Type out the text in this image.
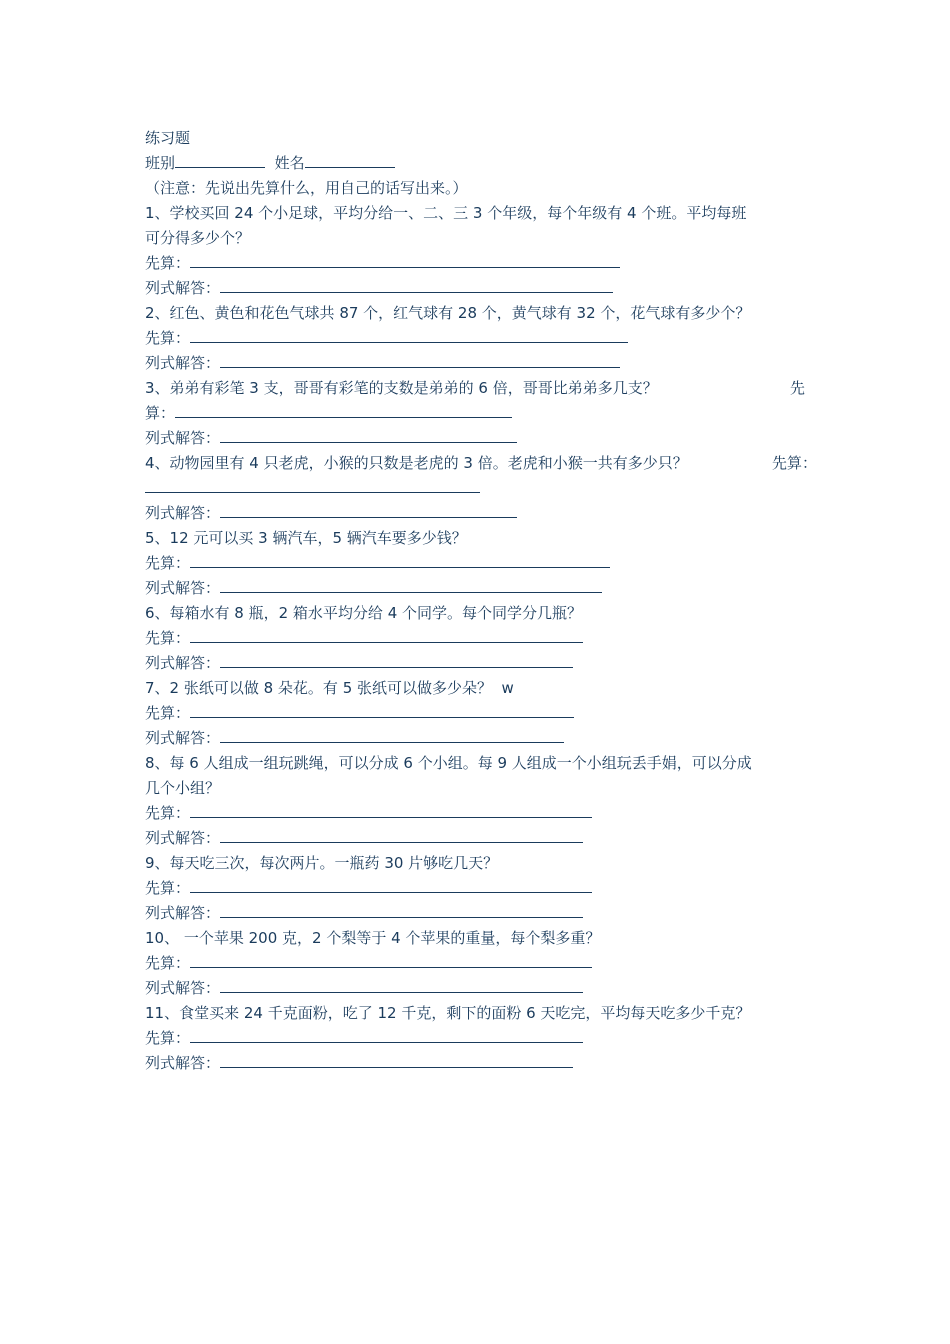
练习题
班别	姓名
（注意：先说出先算什么，用自己的话写出来。）
1、学校买回 24 个小足球，平均分给一、二、三 3 个年级，每个年级有 4 个班。平均每班
可分得多少个？
先算：
列式解答：
2、红色、黄色和花色气球共 87 个，红气球有 28 个，黄气球有 32 个，花气球有多少个？
先算：
列式解答：
3、弟弟有彩笔 3 支，哥哥有彩笔的支数是弟弟的 6 倍，哥哥比弟弟多几支？	先
算：
列式解答：
4、动物园里有 4 只老虎，小猴的只数是老虎的 3 倍。老虎和小猴一共有多少只？	先算：
列式解答：
5、12 元可以买 3 辆汽车，5 辆汽车要多少钱？
先算：
列式解答：
6、每箱水有 8 瓶，2 箱水平均分给 4 个同学。每个同学分几瓶？
先算：
列式解答：
7、2 张纸可以做 8 朵花。有 5 张纸可以做多少朵？  w
先算：
列式解答：
8、每 6 人组成一组玩跳绳，可以分成 6 个小组。每 9 人组成一个小组玩丢手娟，可以分成
几个小组？
先算：
列式解答：
9、每天吃三次，每次两片。一瓶药 30 片够吃几天？
先算：
列式解答：
10、 一个苹果 200 克，2 个梨等于 4 个苹果的重量，每个梨多重？
先算：
列式解答：
11、食堂买来 24 千克面粉，吃了 12 千克，剩下的面粉 6 天吃完，平均每天吃多少千克？
先算：
列式解答：
